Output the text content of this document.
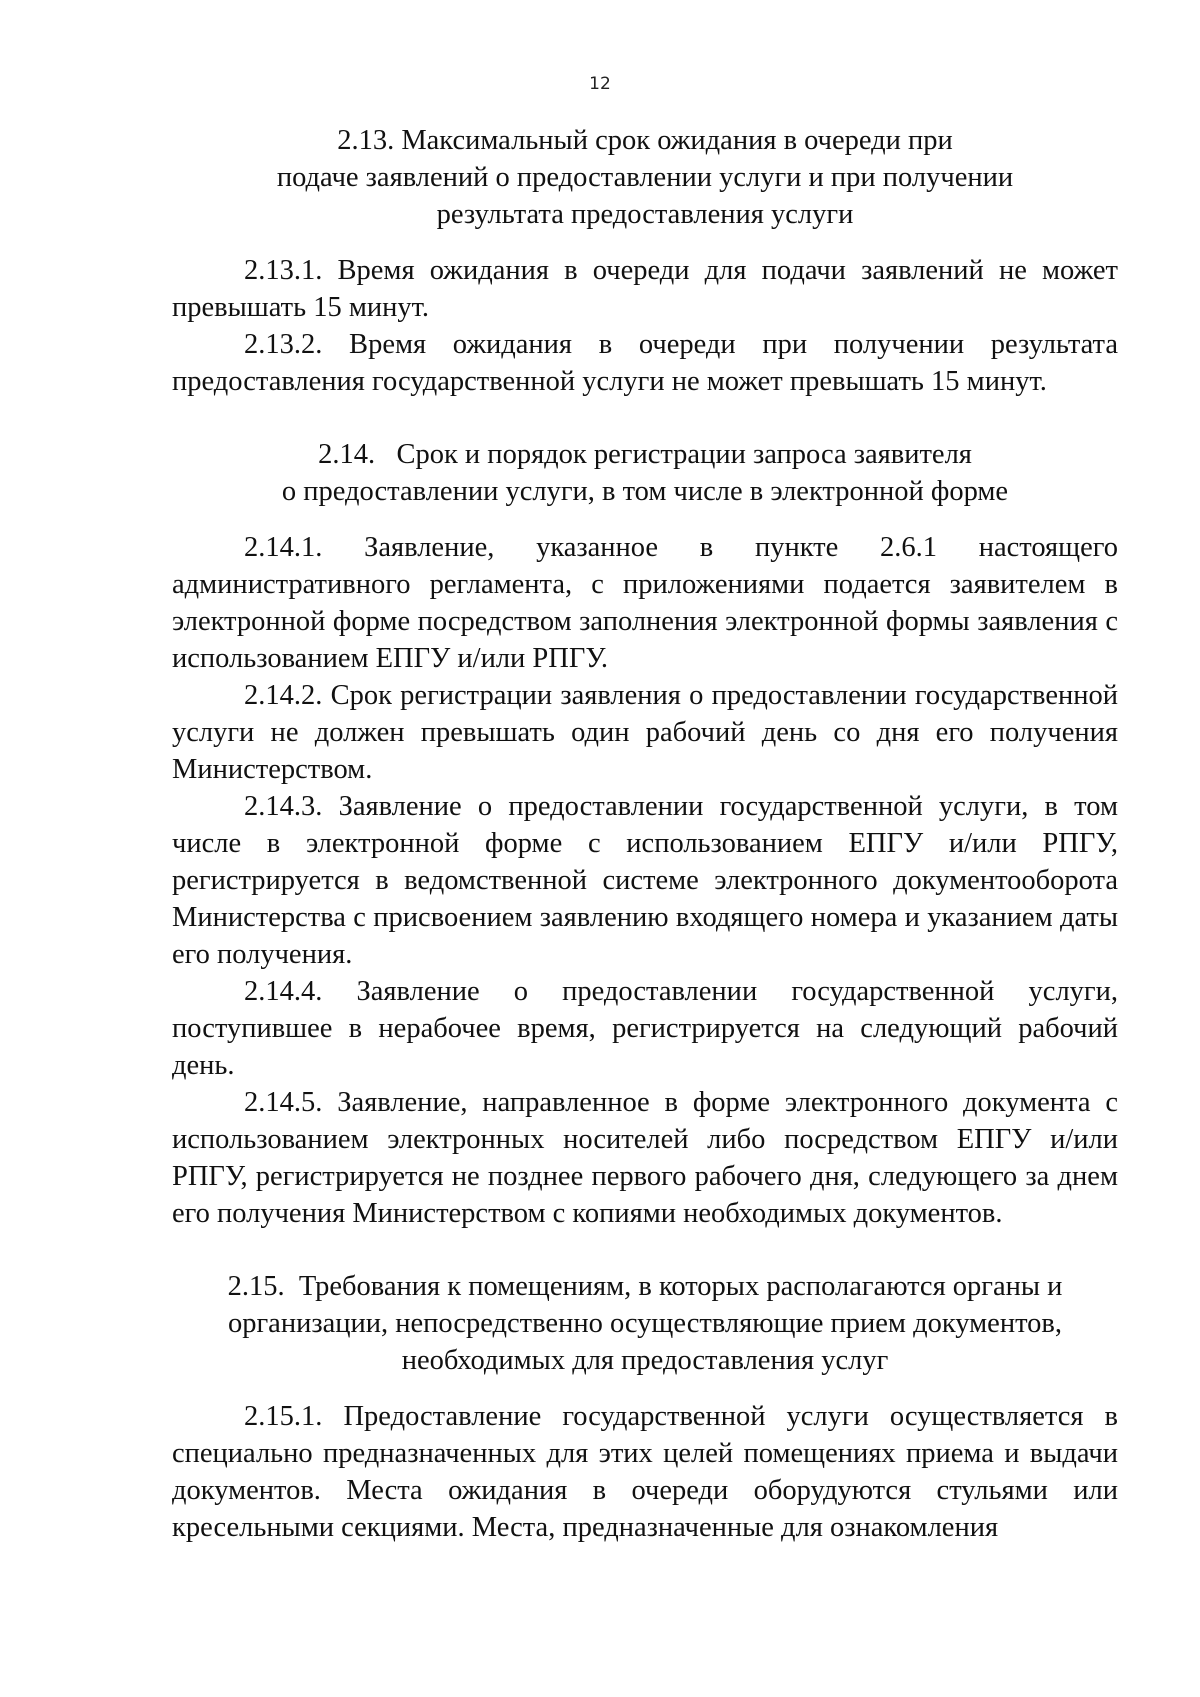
12
2.13. Максимальный срок ожидания в очереди при
подаче заявлений о предоставлении услуги и при получении
результата предоставления услуги

2.13.1. Время ожидания в очереди для подачи заявлений не может превышать 15 минут.

2.13.2. Время ожидания в очереди при получении результата предоставления государственной услуги не может превышать 15 минут.

2.14.   Срок и порядок регистрации запроса заявителя
о предоставлении услуги, в том числе в электронной форме

2.14.1. Заявление, указанное в пункте 2.6.1 настоящего административного регламента, с приложениями подается заявителем в электронной форме посредством заполнения электронной формы заявления с использованием ЕПГУ и/или РПГУ.

2.14.2. Срок регистрации заявления о предоставлении государственной услуги не должен превышать один рабочий день со дня его получения Министерством.

2.14.3. Заявление о предоставлении государственной услуги, в том числе в электронной форме с использованием ЕПГУ и/или РПГУ, регистрируется в ведомственной системе электронного документооборота Министерства с присвоением заявлению входящего номера и указанием даты его получения.

2.14.4. Заявление о предоставлении государственной услуги, поступившее в нерабочее время, регистрируется на следующий рабочий день.

2.14.5. Заявление, направленное в форме электронного документа с использованием электронных носителей либо посредством ЕПГУ и/или РПГУ, регистрируется не позднее первого рабочего дня, следующего за днем его получения Министерством с копиями необходимых документов.

2.15.  Требования к помещениям, в которых располагаются органы и
организации, непосредственно осуществляющие прием документов,
необходимых для предоставления услуг

2.15.1. Предоставление государственной услуги осуществляется в специально предназначенных для этих целей помещениях приема и выдачи документов. Места ожидания в очереди оборудуются стульями или кресельными секциями. Места, предназначенные для ознакомления
